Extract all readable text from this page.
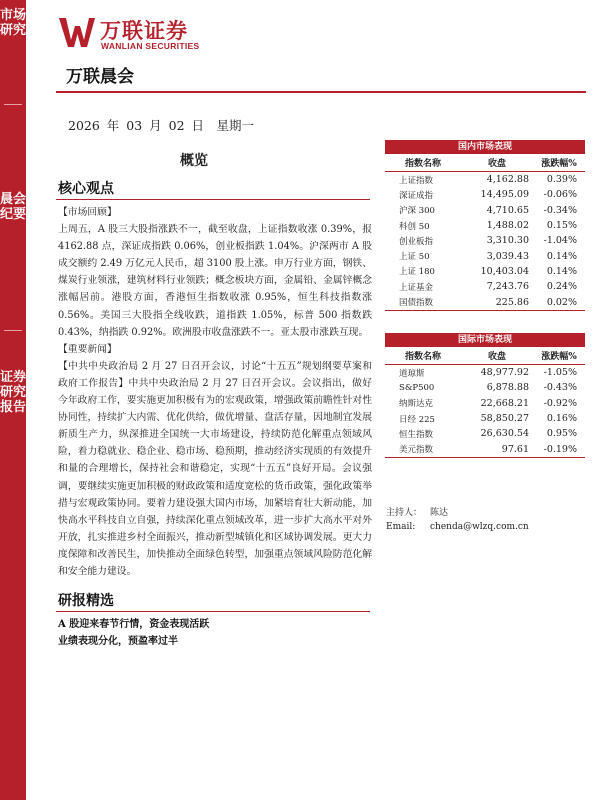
市场研究
晨会纪要
证券研究报告
万联证券
WANLIAN SECURITIES
万联晨会
2026 年 03 月 02 日　星期一
概览
核心观点
【市场回顾】

上周五，A 股三大股指涨跌不一，截至收盘，上证指数收涨 0.39%，报 4162.88 点，深证成指跌 0.06%，创业板指跌 1.04%。沪深两市 A 股成交额约 2.49 万亿元人民币，超 3100 股上涨。申万行业方面，钢铁、煤炭行业领涨，建筑材料行业领跌；概念板块方面，金属铅、金属锌概念涨幅居前。港股方面，香港恒生指数收涨 0.95%，恒生科技指数涨 0.56%。美国三大股指全线收跌，道指跌 1.05%，标普 500 指数跌 0.43%，纳指跌 0.92%。欧洲股市收盘涨跌不一。亚太股市涨跌互现。

【重要新闻】

【中共中央政治局 2 月 27 日召开会议，讨论“十五五”规划纲要草案和政府工作报告】中共中央政治局 2 月 27 日召开会议。会议指出，做好今年政府工作，要实施更加积极有为的宏观政策，增强政策前瞻性针对性协同性，持续扩大内需、优化供给，做优增量、盘活存量，因地制宜发展新质生产力，纵深推进全国统一大市场建设，持续防范化解重点领域风险，着力稳就业、稳企业、稳市场、稳预期，推动经济实现质的有效提升和量的合理增长，保持社会和谐稳定，实现“十五五”良好开局。会议强调，要继续实施更加积极的财政政策和适度宽松的货币政策，强化政策举措与宏观政策协同。要着力建设强大国内市场，加紧培育壮大新动能，加快高水平科技自立自强，持续深化重点领域改革，进一步扩大高水平对外开放，扎实推进乡村全面振兴，推动新型城镇化和区域协调发展。更大力度保障和改善民生，加快推动全面绿色转型，加强重点领域风险防范化解和安全能力建设。

研报精选
A 股迎来春节行情，资金表现活跃
业绩表现分化，预盈率过半
国内市场表现
指数名称	收盘	涨跌幅%
上证指数	4,162.88	0.39%
深证成指	14,495.09	-0.06%
沪深 300	4,710.65	-0.34%
科创 50	1,488.02	0.15%
创业板指	3,310.30	-1.04%
上证 50	3,039.43	0.14%
上证 180	10,403.04	0.14%
上证基金	7,243.76	0.24%
国债指数	225.86	0.02%
国际市场表现
指数名称	收盘	涨跌幅%
道琼斯	48,977.92	-1.05%
S&P500	6,878.88	-0.43%
纳斯达克	22,668.21	-0.92%
日经 225	58,850.27	0.16%
恒生指数	26,630.54	0.95%
美元指数	97.61	-0.19%
主持人： 陈达
Email: chenda@wlzq.com.cn
